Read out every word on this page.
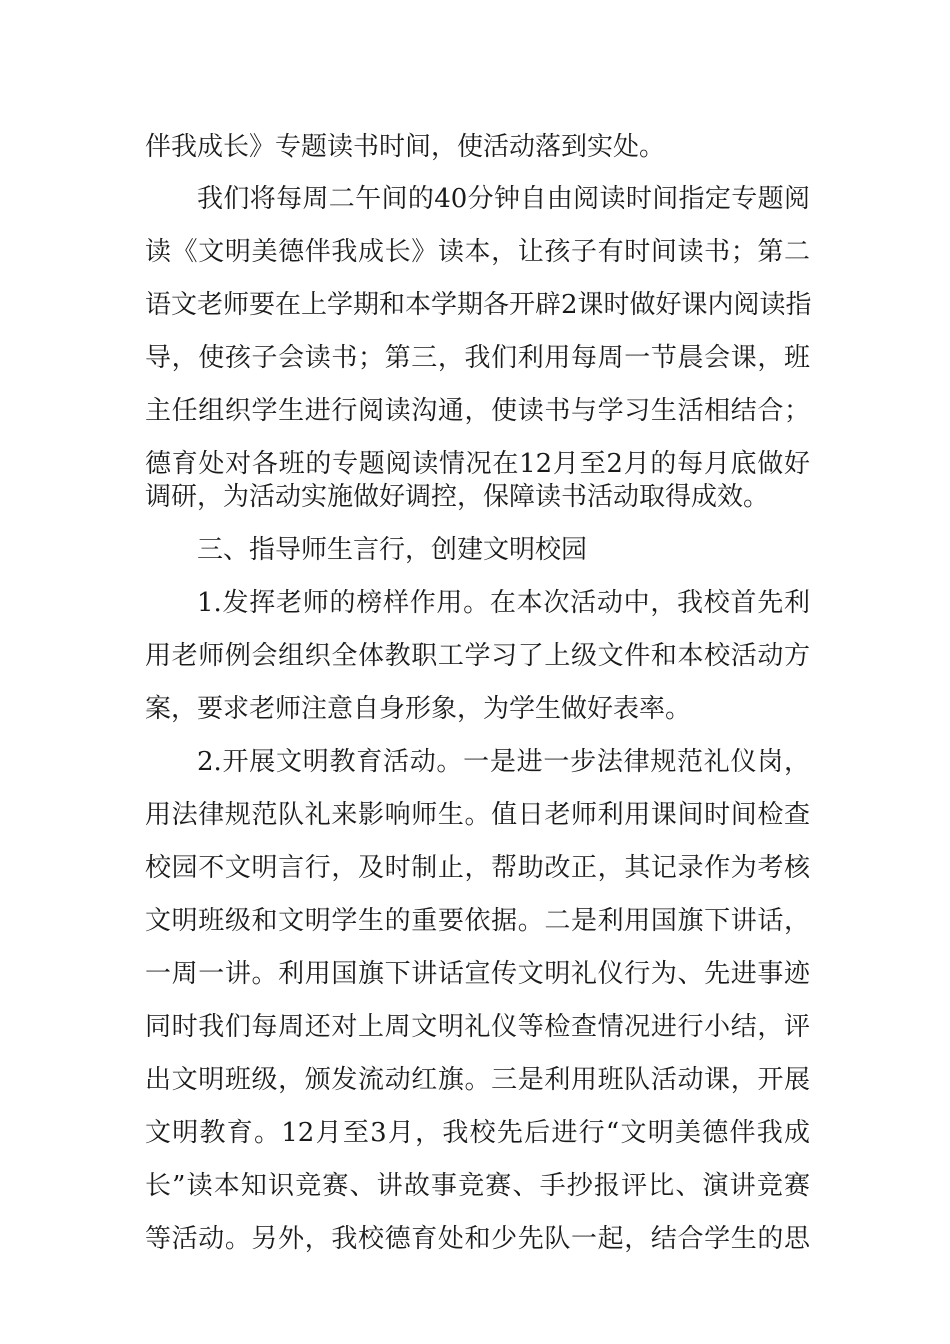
伴我成长》专题读书时间，使活动落到实处。
我们将每周二午间的40分钟自由阅读时间指定专题阅
读《文明美德伴我成长》读本，让孩子有时间读书；第二
语文老师要在上学期和本学期各开辟2课时做好课内阅读指
导，使孩子会读书；第三，我们利用每周一节晨会课，班
主任组织学生进行阅读沟通，使读书与学习生活相结合；
德育处对各班的专题阅读情况在12月至2月的每月底做好
调研，为活动实施做好调控，保障读书活动取得成效。
三、指导师生言行，创建文明校园
1.发挥老师的榜样作用。在本次活动中，我校首先利
用老师例会组织全体教职工学习了上级文件和本校活动方
案，要求老师注意自身形象，为学生做好表率。
2.开展文明教育活动。一是进一步法律规范礼仪岗，
用法律规范队礼来影响师生。值日老师利用课间时间检查
校园不文明言行，及时制止，帮助改正，其记录作为考核
文明班级和文明学生的重要依据。二是利用国旗下讲话，
一周一讲。利用国旗下讲话宣传文明礼仪行为、先进事迹
同时我们每周还对上周文明礼仪等检查情况进行小结，评
出文明班级，颁发流动红旗。三是利用班队活动课，开展
文明教育。12月至3月，我校先后进行“文明美德伴我成
长”读本知识竞赛、讲故事竞赛、手抄报评比、演讲竞赛
等活动。另外，我校德育处和少先队一起，结合学生的思
